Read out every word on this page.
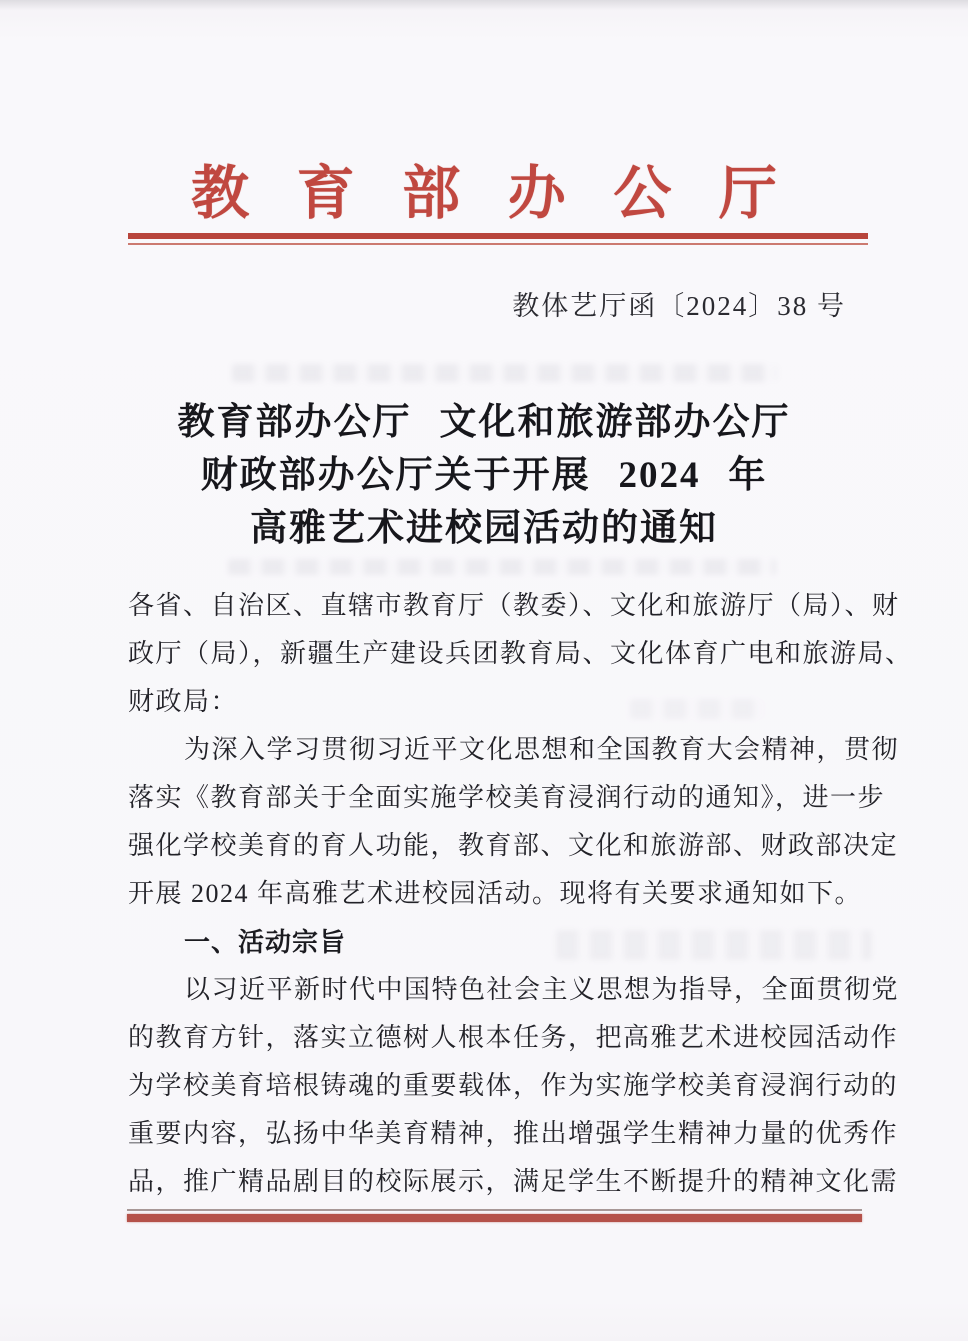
教育部办公厅
教体艺厅函〔2024〕38 号
教育部办公厅 文化和旅游部办公厅
财政部办公厅关于开展 2024 年
高雅艺术进校园活动的通知
各省、自治区、直辖市教育厅（教委）、文化和旅游厅（局）、财
政厅（局），新疆生产建设兵团教育局、文化体育广电和旅游局、
财政局：
为深入学习贯彻习近平文化思想和全国教育大会精神，贯彻
落实《教育部关于全面实施学校美育浸润行动的通知》，进一步
强化学校美育的育人功能，教育部、文化和旅游部、财政部决定
开展 2024 年高雅艺术进校园活动。现将有关要求通知如下。
一、活动宗旨
以习近平新时代中国特色社会主义思想为指导，全面贯彻党
的教育方针，落实立德树人根本任务，把高雅艺术进校园活动作
为学校美育培根铸魂的重要载体，作为实施学校美育浸润行动的
重要内容，弘扬中华美育精神，推出增强学生精神力量的优秀作
品，推广精品剧目的校际展示，满足学生不断提升的精神文化需
